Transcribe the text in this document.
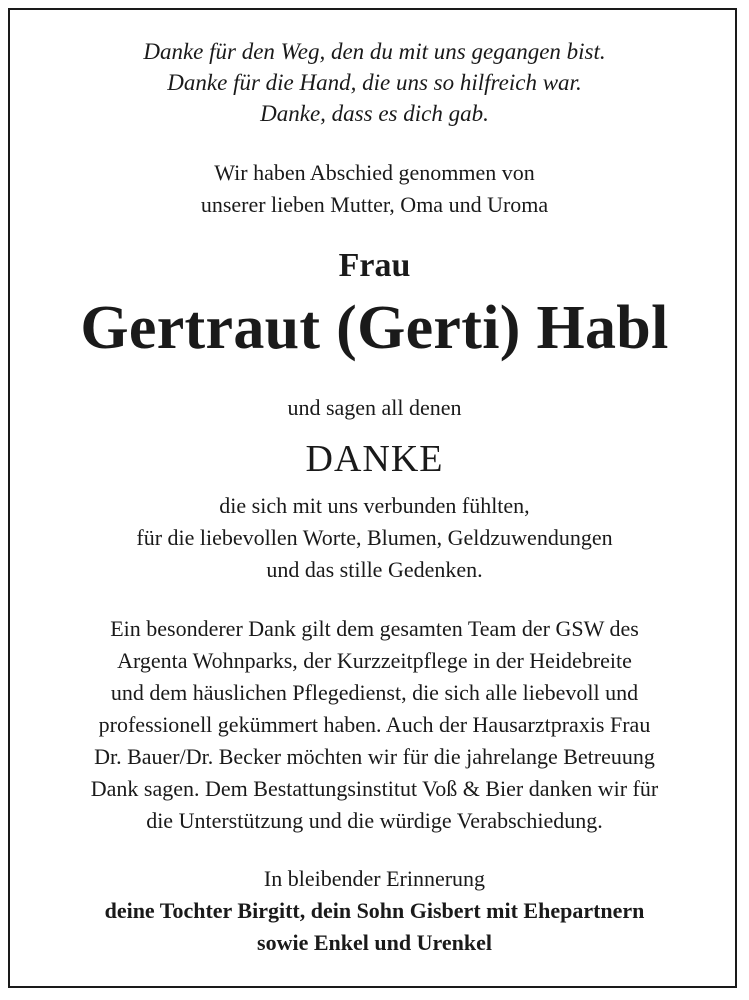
Danke für den Weg, den du mit uns gegangen bist.
Danke für die Hand, die uns so hilfreich war.
Danke, dass es dich gab.
Wir haben Abschied genommen von
unserer lieben Mutter, Oma und Uroma
Frau
Gertraut (Gerti) Habl
und sagen all denen
DANKE
die sich mit uns verbunden fühlten,
für die liebevollen Worte, Blumen, Geldzuwendungen
und das stille Gedenken.
Ein besonderer Dank gilt dem gesamten Team der GSW des
Argenta Wohnparks, der Kurzzeitpflege in der Heidebreite
und dem häuslichen Pflegedienst, die sich alle liebevoll und
professionell gekümmert haben. Auch der Hausarztpraxis Frau
Dr. Bauer/Dr. Becker möchten wir für die jahrelange Betreuung
Dank sagen. Dem Bestattungsinstitut Voß & Bier danken wir für
die Unterstützung und die würdige Verabschiedung.
In bleibender Erinnerung
deine Tochter Birgitt, dein Sohn Gisbert mit Ehepartnern
sowie Enkel und Urenkel
